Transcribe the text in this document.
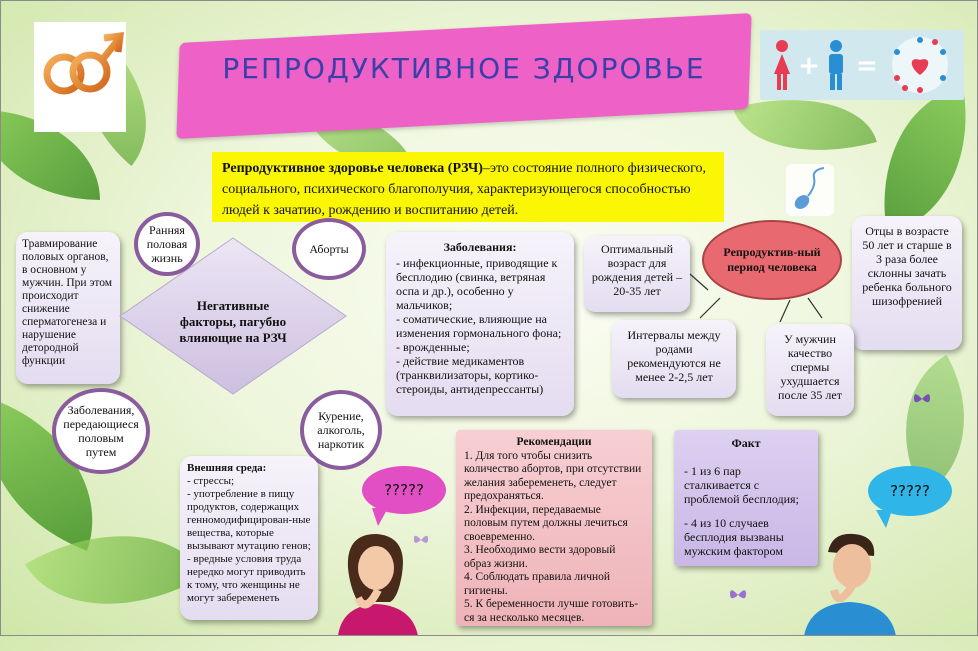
РЕПРОДУКТИВНОЕ ЗДОРОВЬЕ	+ =
Репродуктивное здоровье человека (РЗЧ)–это состояние полного физического, социального, психического благополучия, характеризующегося способностью людей к зачатию, рождению и воспитанию детей.
Травмирование половых органов, в основном у мужчин. При этом происходит снижение сперматогенеза и нарушение детородной функции
Негативные факторы, пагубно влияющие на РЗЧ
Ранняя половая жизнь
Аборты
Заболевания, передающиеся половым путем
Курение, алкоголь, наркотик
Заболевания:
- инфекционные, приводящие к бесплодию (свинка, ветряная оспа и др.), особенно у мальчиков;
- соматические, влияющие на изменения гормонального фона;
- врожденные;
- действие медикаментов (транквилизаторы, кортико-стероиды, антидепрессанты)
Внешняя среда:
- стрессы;
- употребление в пищу продуктов, содержащих генномодифицирован-ные вещества, которые вызывают мутацию генов;
- вредные условия труда нередко могут приводить к тому, что женщины не могут забеременеть
Оптимальный возраст для рождения детей – 20-35 лет
Репродуктив-ный период человека
Отцы в возрасте 50 лет и старше в 3 раза более склонны зачать ребенка больного шизофренией
Интервалы между родами рекомендуются не менее 2-2,5 лет
У мужчин качество спермы ухудшается после 35 лет
Рекомендации
1. Для того чтобы снизить количество абортов, при отсутствии желания забеременеть, следует предохраняться.
2. Инфекции, передаваемые половым путем должны лечиться своевременно.
3. Необходимо вести здоровый образ жизни.
4. Соблюдать правила личной гигиены.
5. К беременности лучше готовить-ся за несколько месяцев.
Факт
- 1 из 6 пар сталкивается с проблемой бесплодия;
- 4 из 10 случаев бесплодия вызваны мужским фактором
?????	?????
